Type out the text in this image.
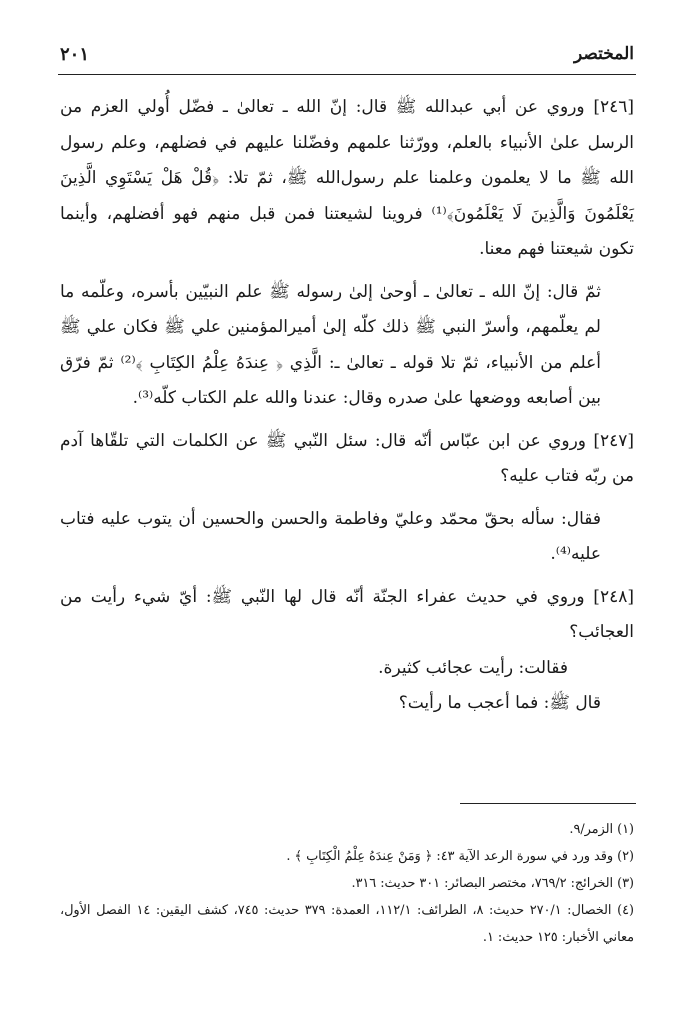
المختصر
٢٠١

[٢٤٦] وروي عن أبي عبدالله ﷺ قال: إنّ الله ـ تعالىٰ ـ فضّل أُولي العزم من الرسل علىٰ الأنبياء بالعلم، وورّثنا علمهم وفضّلنا عليهم في فضلهم، وعلم رسول الله ﷺ ما لا يعلمون وعلمنا علم رسول‌الله ﷺ، ثمّ تلا: ﴿قُلْ هَلْ يَسْتَوِي الَّذِينَ يَعْلَمُونَ وَالَّذِينَ لَا يَعْلَمُونَ﴾⁽¹⁾ فروينا لشيعتنا فمن قبل منهم فهو أفضلهم، وأينما تكون شيعتنا فهم معنا.

ثمّ قال: إنّ الله ـ تعالىٰ ـ أوحىٰ إلىٰ رسوله ﷺ علم النبيّين بأسره، وعلّمه ما لم يعلّمهم، وأسرّ النبي ﷺ ذلك كلّه إلىٰ أميرالمؤمنين علي ﷺ فكان علي ﷺ أعلم من الأنبياء، ثمّ تلا قوله ـ تعالىٰ ـ: الَّذِي ﴿ عِندَهُ عِلْمُ الكِتَابِ ﴾⁽²⁾ ثمّ فرّق بين أصابعه ووضعها علىٰ صدره وقال: عندنا والله علم الكتاب كلّه⁽³⁾.

[٢٤٧] وروي عن ابن عبّاس أنّه قال: سئل النّبي ﷺ عن الكلمات التي تلقّاها آدم من ربّه فتاب عليه؟

فقال: سأله بحقّ محمّد وعليّ وفاطمة والحسن والحسين أن يتوب عليه فتاب عليه⁽⁴⁾.

[٢٤٨] وروي في حديث عفراء الجنّة أنّه قال لها النّبي ﷺ: أيّ شيء رأيت من العجائب؟

فقالت: رأيت عجائب كثيرة.

قال ﷺ: فما أعجب ما رأيت؟

(١) الزمر/٩.

(٢) وقد ورد في سورة الرعد الآية ٤٣: ﴿ وَمَنْ عِندَهُ عِلْمُ الْكِتَابِ ﴾ .

(٣) الخرائج: ٧٦٩/٢، مختصر البصائر: ٣٠١ حديث: ٣١٦.

(٤) الخصال: ٢٧٠/١ حديث: ٨، الطرائف: ١١٢/١، العمدة: ٣٧٩ حديث: ٧٤٥، كشف اليقين: ١٤ الفصل الأول، معاني الأخبار: ١٢٥ حديث: ١.
